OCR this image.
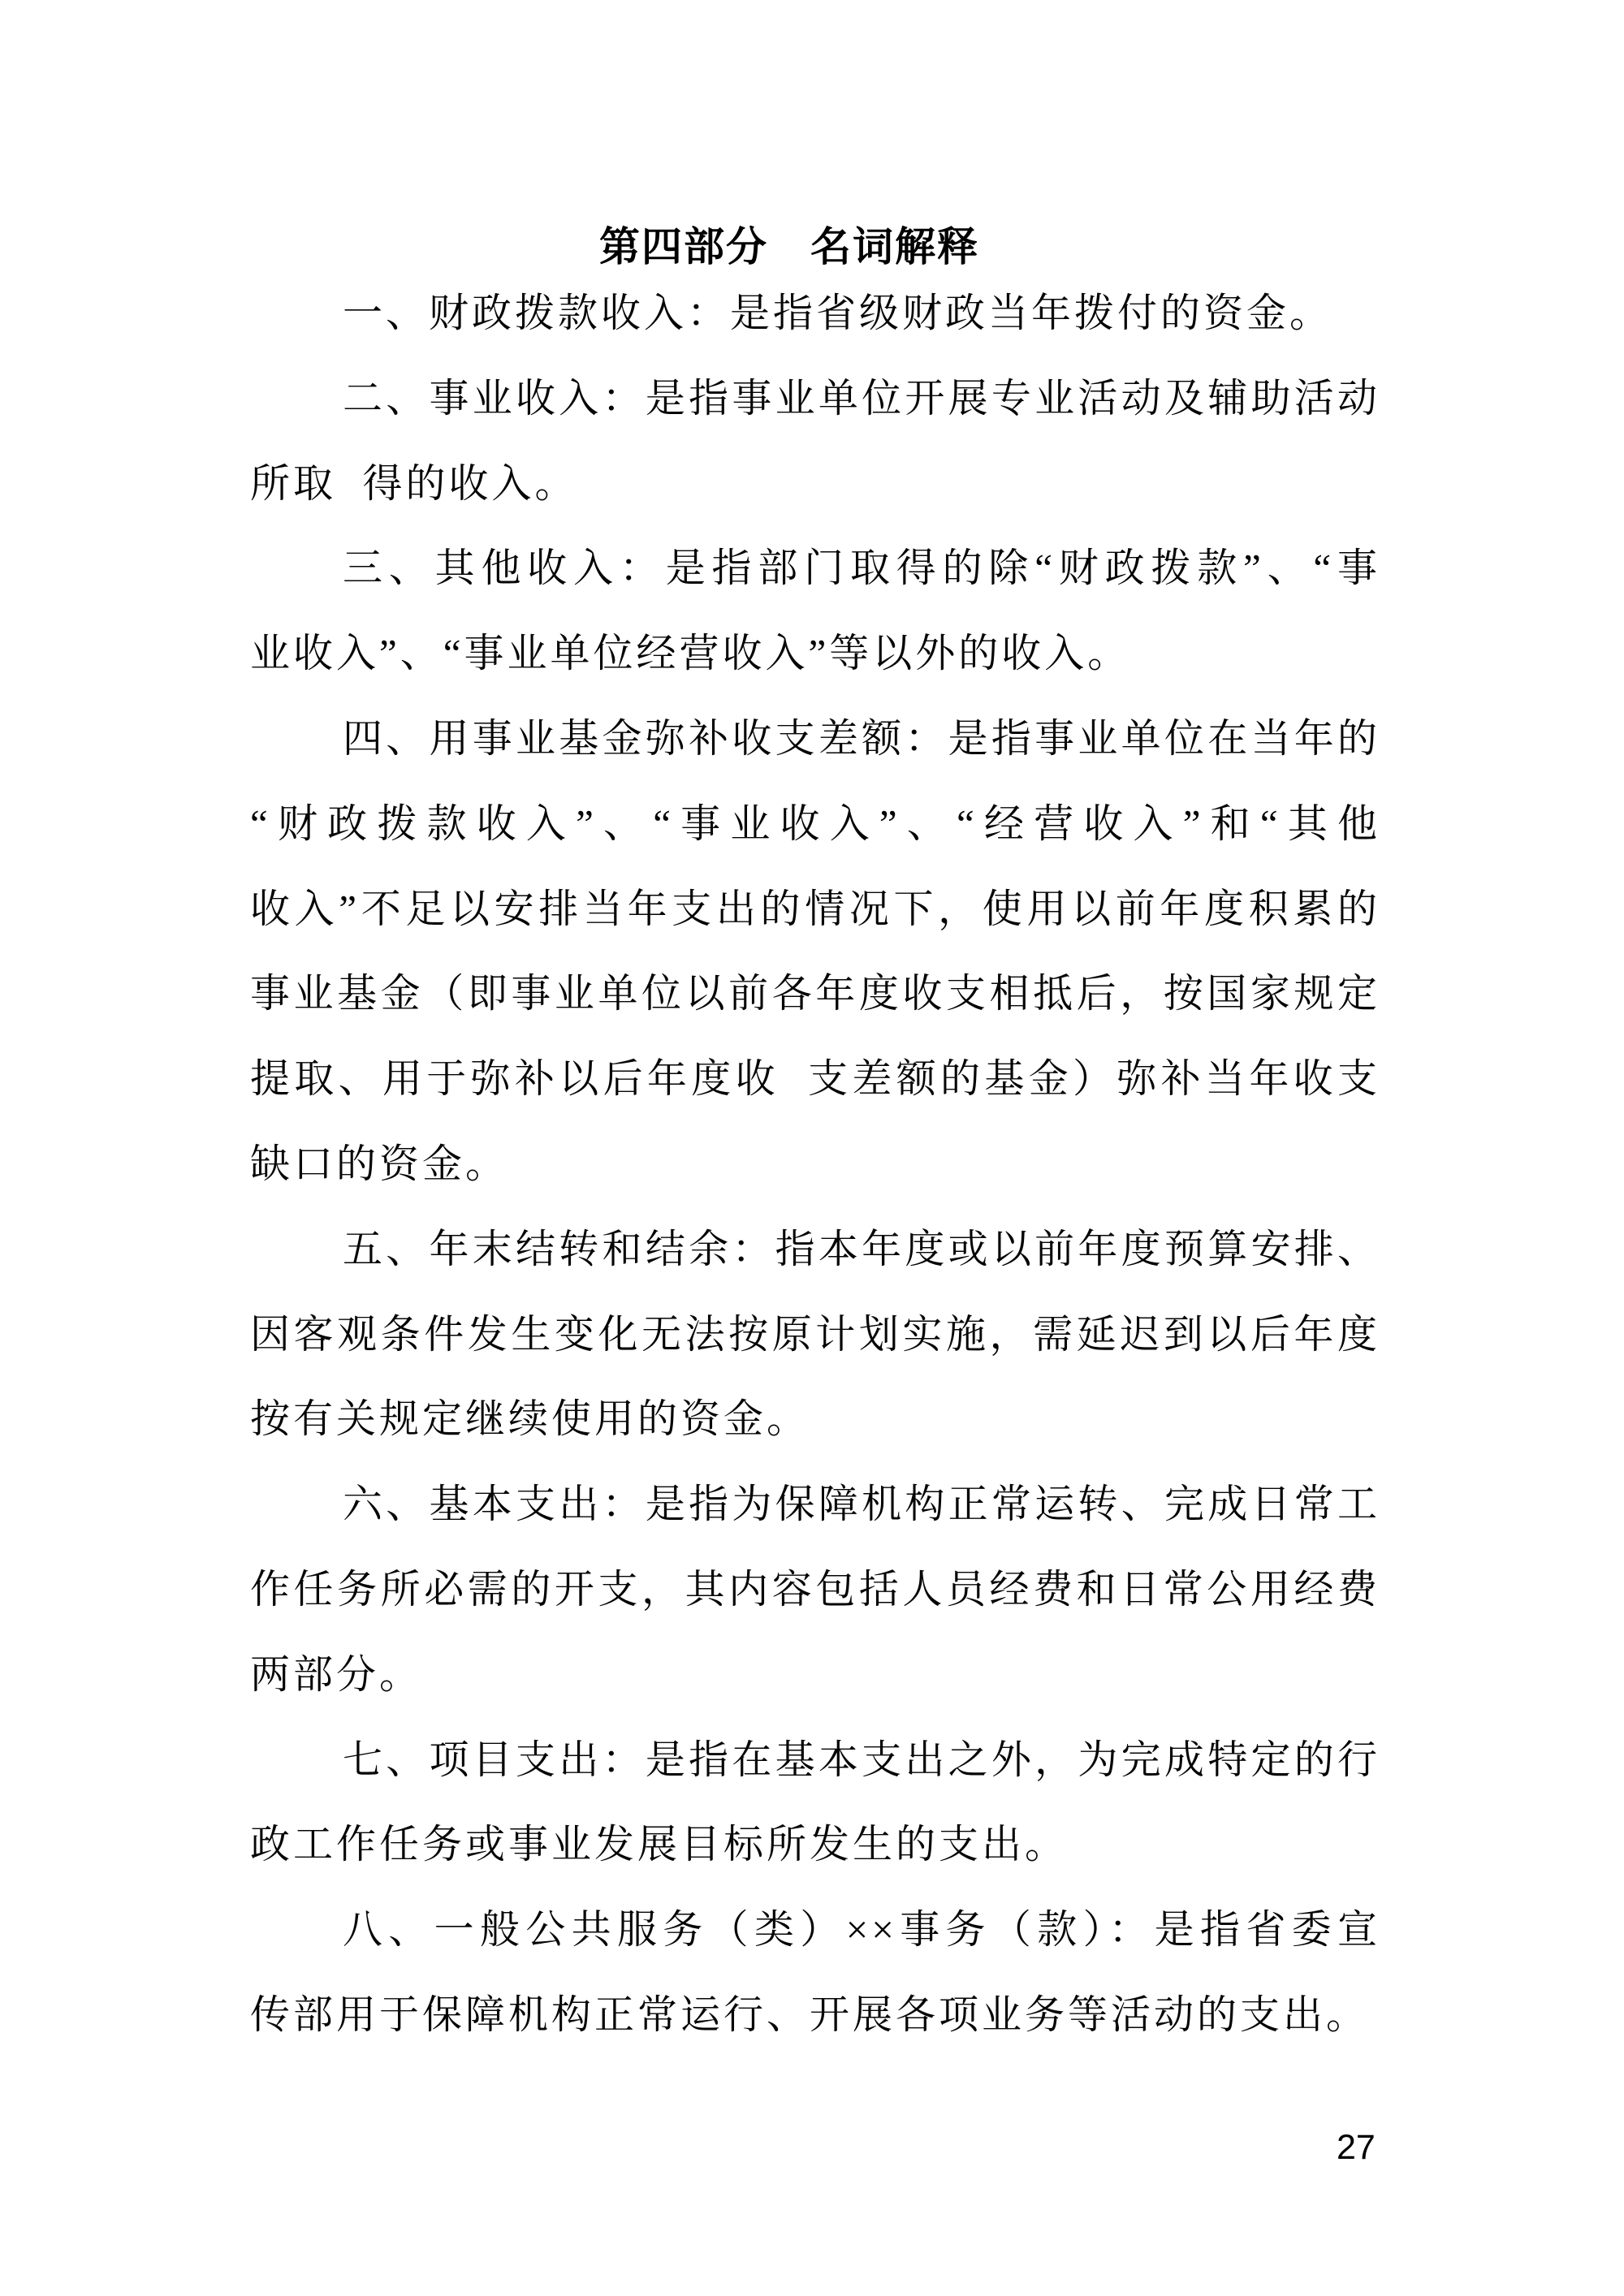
第四部分　名词解释
一、财政拨款收入：是指省级财政当年拨付的资金。
二、事业收入：是指事业单位开展专业活动及辅助活动
所取  得的收入。
三、其他收入：是指部门取得的除“财政拨款”、“事
业收入”、“事业单位经营收入”等以外的收入。
四、用事业基金弥补收支差额：是指事业单位在当年的
“财政拨款收入”、“事业收入”、“经营收入”和“其他
收入”不足以安排当年支出的情况下，使用以前年度积累的
事业基金（即事业单位以前各年度收支相抵后，按国家规定
提取、用于弥补以后年度收  支差额的基金）弥补当年收支
缺口的资金。
五、年末结转和结余：指本年度或以前年度预算安排、
因客观条件发生变化无法按原计划实施，需延迟到以后年度
按有关规定继续使用的资金。
六、基本支出：是指为保障机构正常运转、完成日常工
作任务所必需的开支，其内容包括人员经费和日常公用经费
两部分。
七、项目支出：是指在基本支出之外，为完成特定的行
政工作任务或事业发展目标所发生的支出。
八、一般公共服务（类）××事务（款）：是指省委宣
传部用于保障机构正常运行、开展各项业务等活动的支出。
27
